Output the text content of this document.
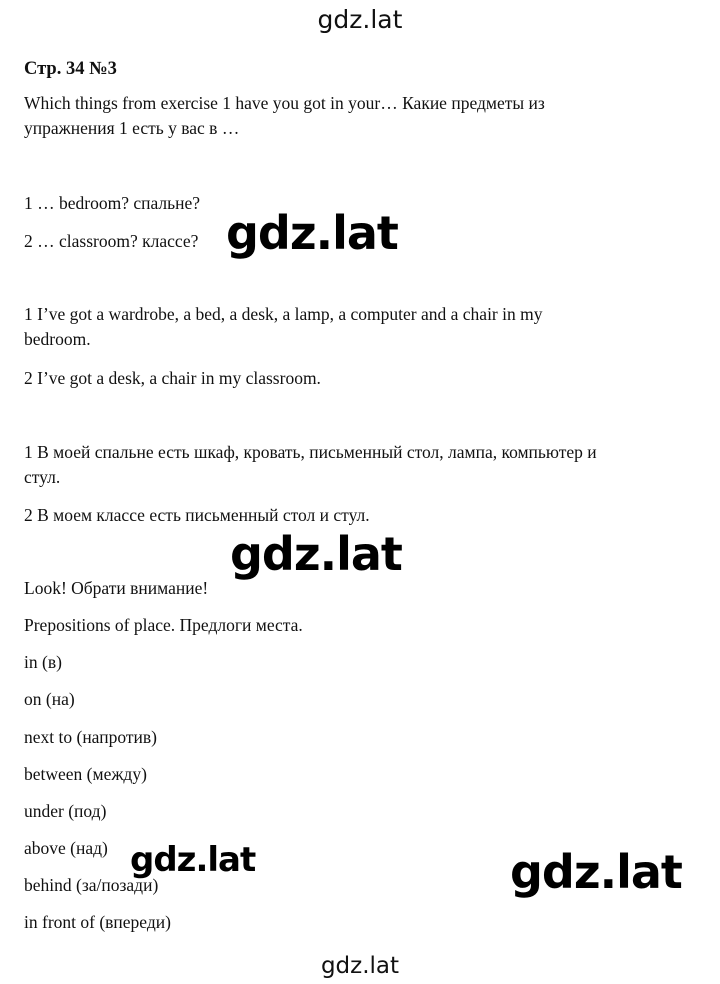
gdz.lat
Стр. 34 №3
Which things from exercise 1 have you got in your… Какие предметы из
упражнения 1 есть у вас в …
1 … bedroom? спальне?
2 … classroom? классе?
1 I’ve got a wardrobe, a bed, a desk, a lamp, a computer and a chair in my
bedroom.
2 I’ve got a desk, a chair in my classroom.
1 В моей спальне есть шкаф, кровать, письменный стол, лампа, компьютер и
стул.
2 В моем классе есть письменный стол и стул.
Look! Обрати внимание!
Prepositions of place. Предлоги места.
in (в)
on (на)
next to (напротив)
between (между)
under (под)
above (над)
behind (за/позади)
in front of (впереди)
gdz.lat
gdz.lat
gdz.lat	gdz.lat
gdz.lat
